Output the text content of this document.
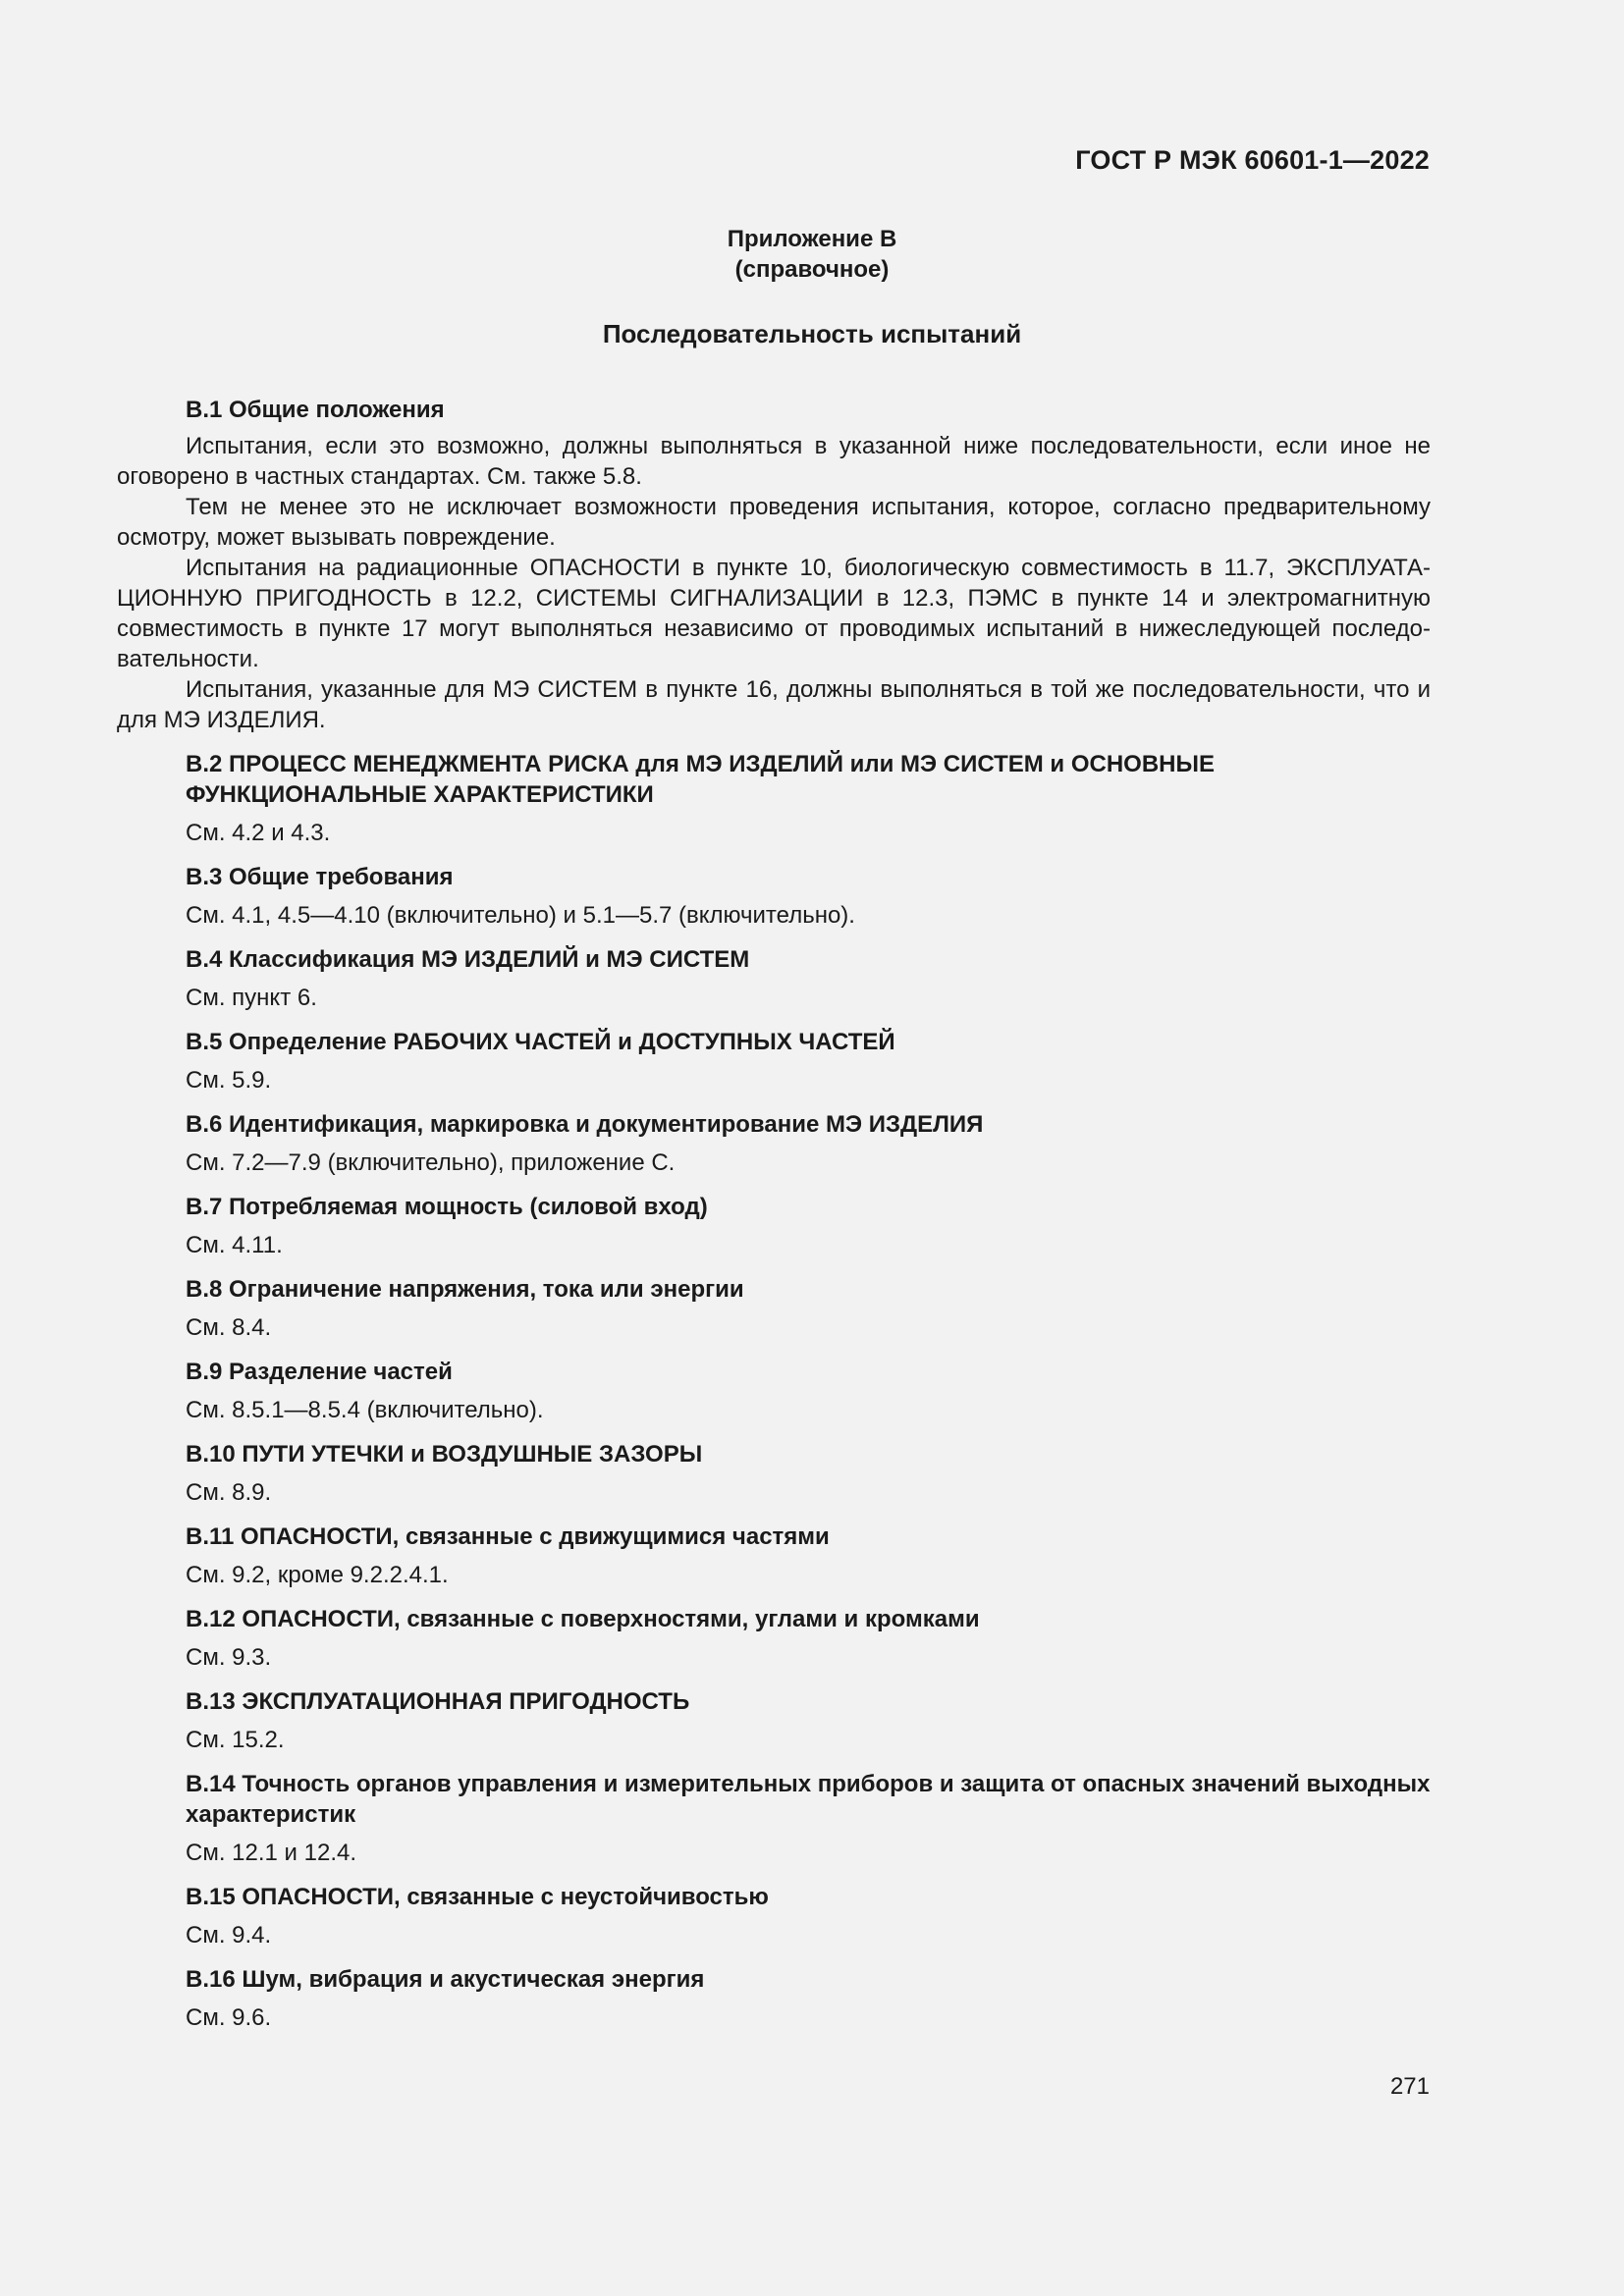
ГОСТ Р МЭК 60601-1—2022
Приложение В
(справочное)
Последовательность испытаний

В.1 Общие положения

Испытания, если это возможно, должны выполняться в указанной ниже последовательности, если иное не оговорено в частных стандартах. См. также 5.8.

Тем не менее это не исключает возможности проведения испытания, которое, согласно предварительному осмотру, может вызывать повреждение.

Испытания на радиационные ОПАСНОСТИ в пункте 10, биологическую совместимость в 11.7, ЭКСПЛУАТАЦИОННУЮ ПРИГОДНОСТЬ в 12.2, СИСТЕМЫ СИГНАЛИЗАЦИИ в 12.3, ПЭМС в пункте 14 и электромагнитную совместимость в пункте 17 могут выполняться независимо от проводимых испытаний в нижеследующей последовательности.

Испытания, указанные для МЭ СИСТЕМ в пункте 16, должны выполняться в той же последовательности, что и для МЭ ИЗДЕЛИЯ.

В.2 ПРОЦЕСС МЕНЕДЖМЕНТА РИСКА для МЭ ИЗДЕЛИЙ или МЭ СИСТЕМ и ОСНОВНЫЕ ФУНКЦИОНАЛЬНЫЕ ХАРАКТЕРИСТИКИ

См. 4.2 и 4.3.

В.3 Общие требования

См. 4.1, 4.5—4.10 (включительно) и 5.1—5.7 (включительно).

В.4 Классификация МЭ ИЗДЕЛИЙ и МЭ СИСТЕМ

См. пункт 6.

В.5 Определение РАБОЧИХ ЧАСТЕЙ и ДОСТУПНЫХ ЧАСТЕЙ

См. 5.9.

В.6 Идентификация, маркировка и документирование МЭ ИЗДЕЛИЯ

См. 7.2—7.9 (включительно), приложение С.

В.7 Потребляемая мощность (силовой вход)

См. 4.11.

В.8 Ограничение напряжения, тока или энергии

См. 8.4.

В.9 Разделение частей

См. 8.5.1—8.5.4 (включительно).

В.10 ПУТИ УТЕЧКИ и ВОЗДУШНЫЕ ЗАЗОРЫ

См. 8.9.

В.11 ОПАСНОСТИ, связанные с движущимися частями

См. 9.2, кроме 9.2.2.4.1.

В.12 ОПАСНОСТИ, связанные с поверхностями, углами и кромками

См. 9.3.

В.13 ЭКСПЛУАТАЦИОННАЯ ПРИГОДНОСТЬ

См. 15.2.

В.14 Точность органов управления и измерительных приборов и защита от опасных значений выходных характеристик

См. 12.1 и 12.4.

В.15 ОПАСНОСТИ, связанные с неустойчивостью

См. 9.4.

В.16 Шум, вибрация и акустическая энергия

См. 9.6.

271
